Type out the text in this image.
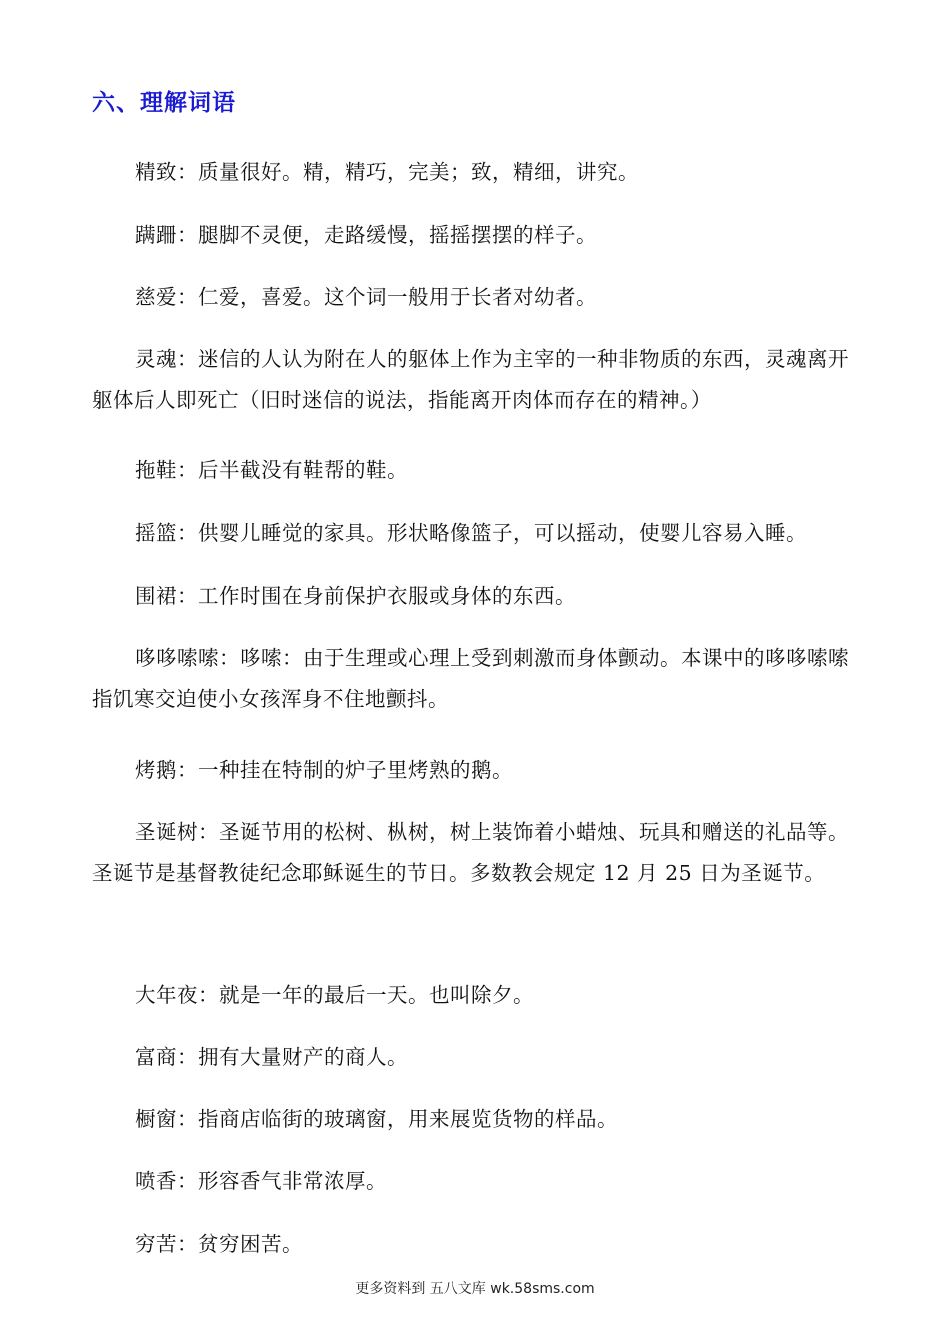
六、理解词语
精致：质量很好。精，精巧，完美；致，精细，讲究。
蹒跚：腿脚不灵便，走路缓慢，摇摇摆摆的样子。
慈爱：仁爱，喜爱。这个词一般用于长者对幼者。
灵魂：迷信的人认为附在人的躯体上作为主宰的一种非物质的东西，灵魂离开躯体后人即死亡（旧时迷信的说法，指能离开肉体而存在的精神。）
拖鞋：后半截没有鞋帮的鞋。
摇篮：供婴儿睡觉的家具。形状略像篮子，可以摇动，使婴儿容易入睡。
围裙：工作时围在身前保护衣服或身体的东西。
哆哆嗦嗦：哆嗦：由于生理或心理上受到刺激而身体颤动。本课中的哆哆嗦嗦指饥寒交迫使小女孩浑身不住地颤抖。
烤鹅：一种挂在特制的炉子里烤熟的鹅。
圣诞树：圣诞节用的松树、枞树，树上装饰着小蜡烛、玩具和赠送的礼品等。圣诞节是基督教徒纪念耶稣诞生的节日。多数教会规定 12 月 25 日为圣诞节。
大年夜：就是一年的最后一天。也叫除夕。
富商：拥有大量财产的商人。
橱窗：指商店临街的玻璃窗，用来展览货物的样品。
喷香：形容香气非常浓厚。
穷苦：贫穷困苦。
更多资料到 五八文库 wk.58sms.com
